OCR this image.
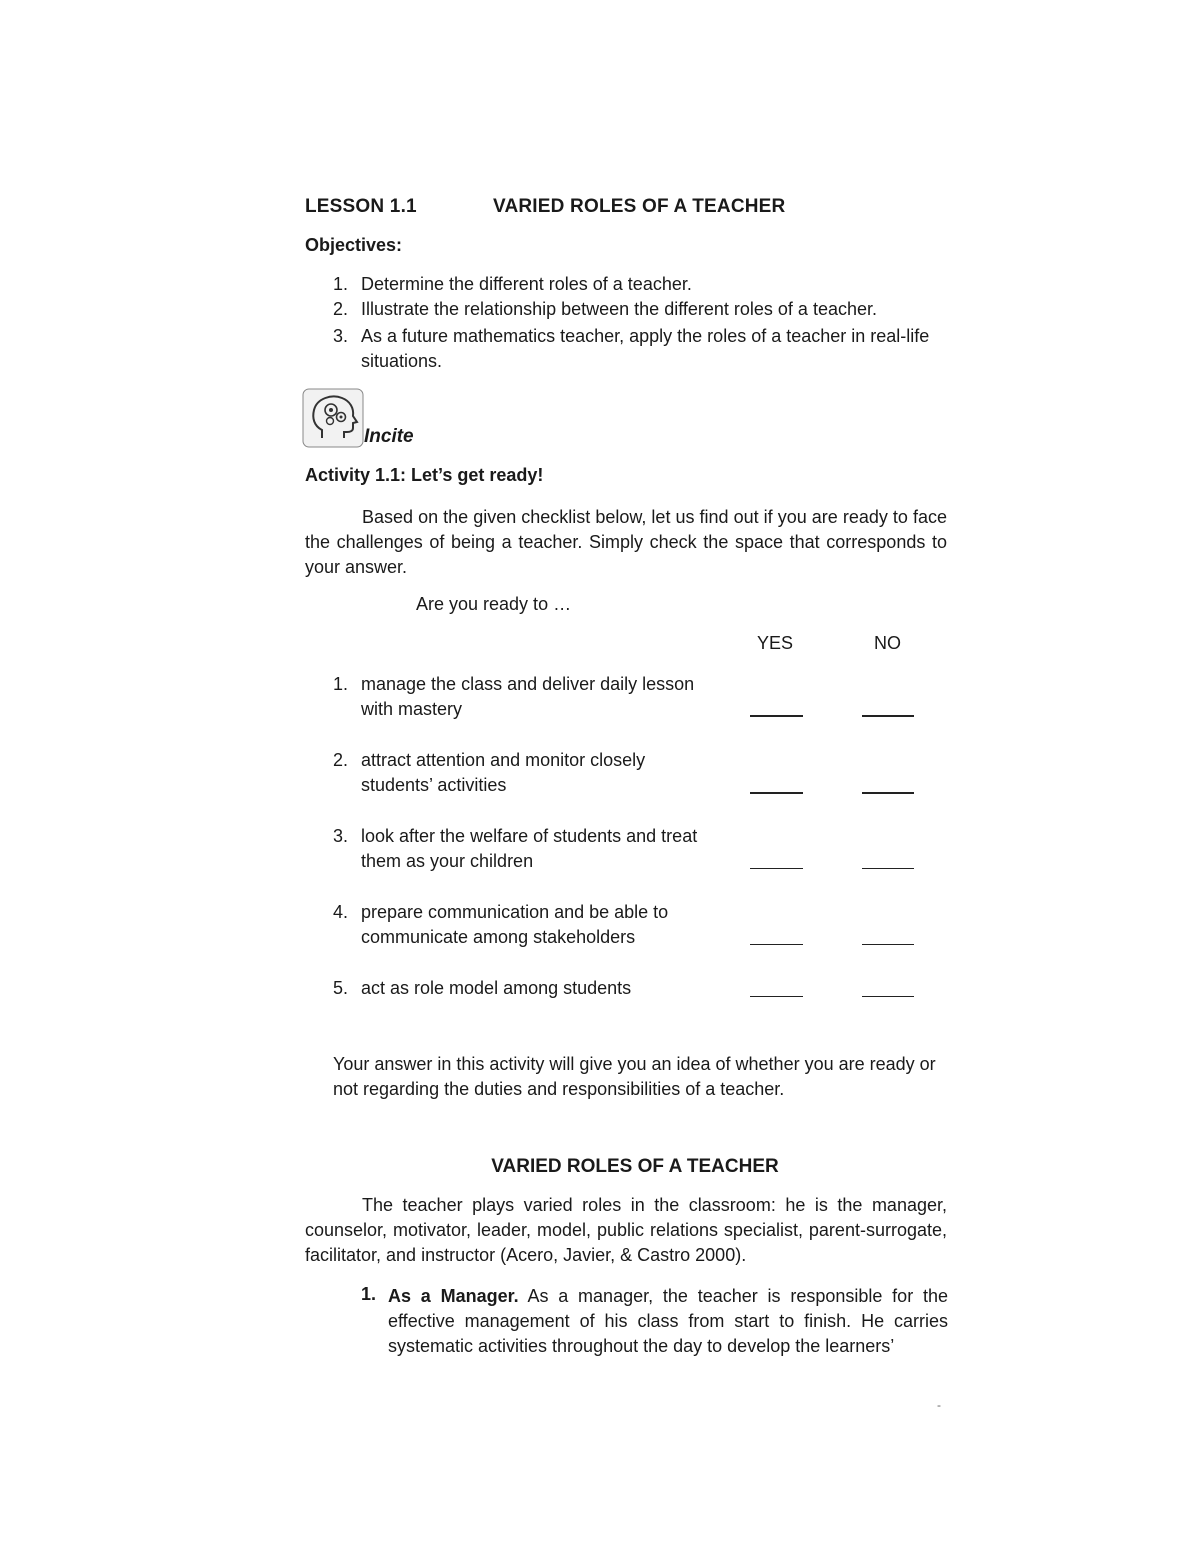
LESSON 1.1	VARIED ROLES OF A TEACHER
Objectives:
1. Determine the different roles of a teacher.
2. Illustrate the relationship between the different roles of a teacher.
3. As a future mathematics teacher, apply the roles of a teacher in real-life situations.
Incite
Activity 1.1: Let’s get ready!
Based on the given checklist below, let us find out if you are ready to face the challenges of being a teacher. Simply check the space that corresponds to your answer.
Are you ready to …
YES	NO
1. manage the class and deliver daily lesson with mastery
2. attract attention and monitor closely students’ activities
3. look after the welfare of students and treat them as your children
4. prepare communication and be able to communicate among stakeholders
5. act as role model among students
Your answer in this activity will give you an idea of whether you are ready or not regarding the duties and responsibilities of a teacher.
VARIED ROLES OF A TEACHER
The teacher plays varied roles in the classroom: he is the manager, counselor, motivator, leader, model, public relations specialist, parent-surrogate, facilitator, and instructor (Acero, Javier, & Castro 2000).
1. As a Manager. As a manager, the teacher is responsible for the effective management of his class from start to finish. He carries systematic activities throughout the day to develop the learners’
-
